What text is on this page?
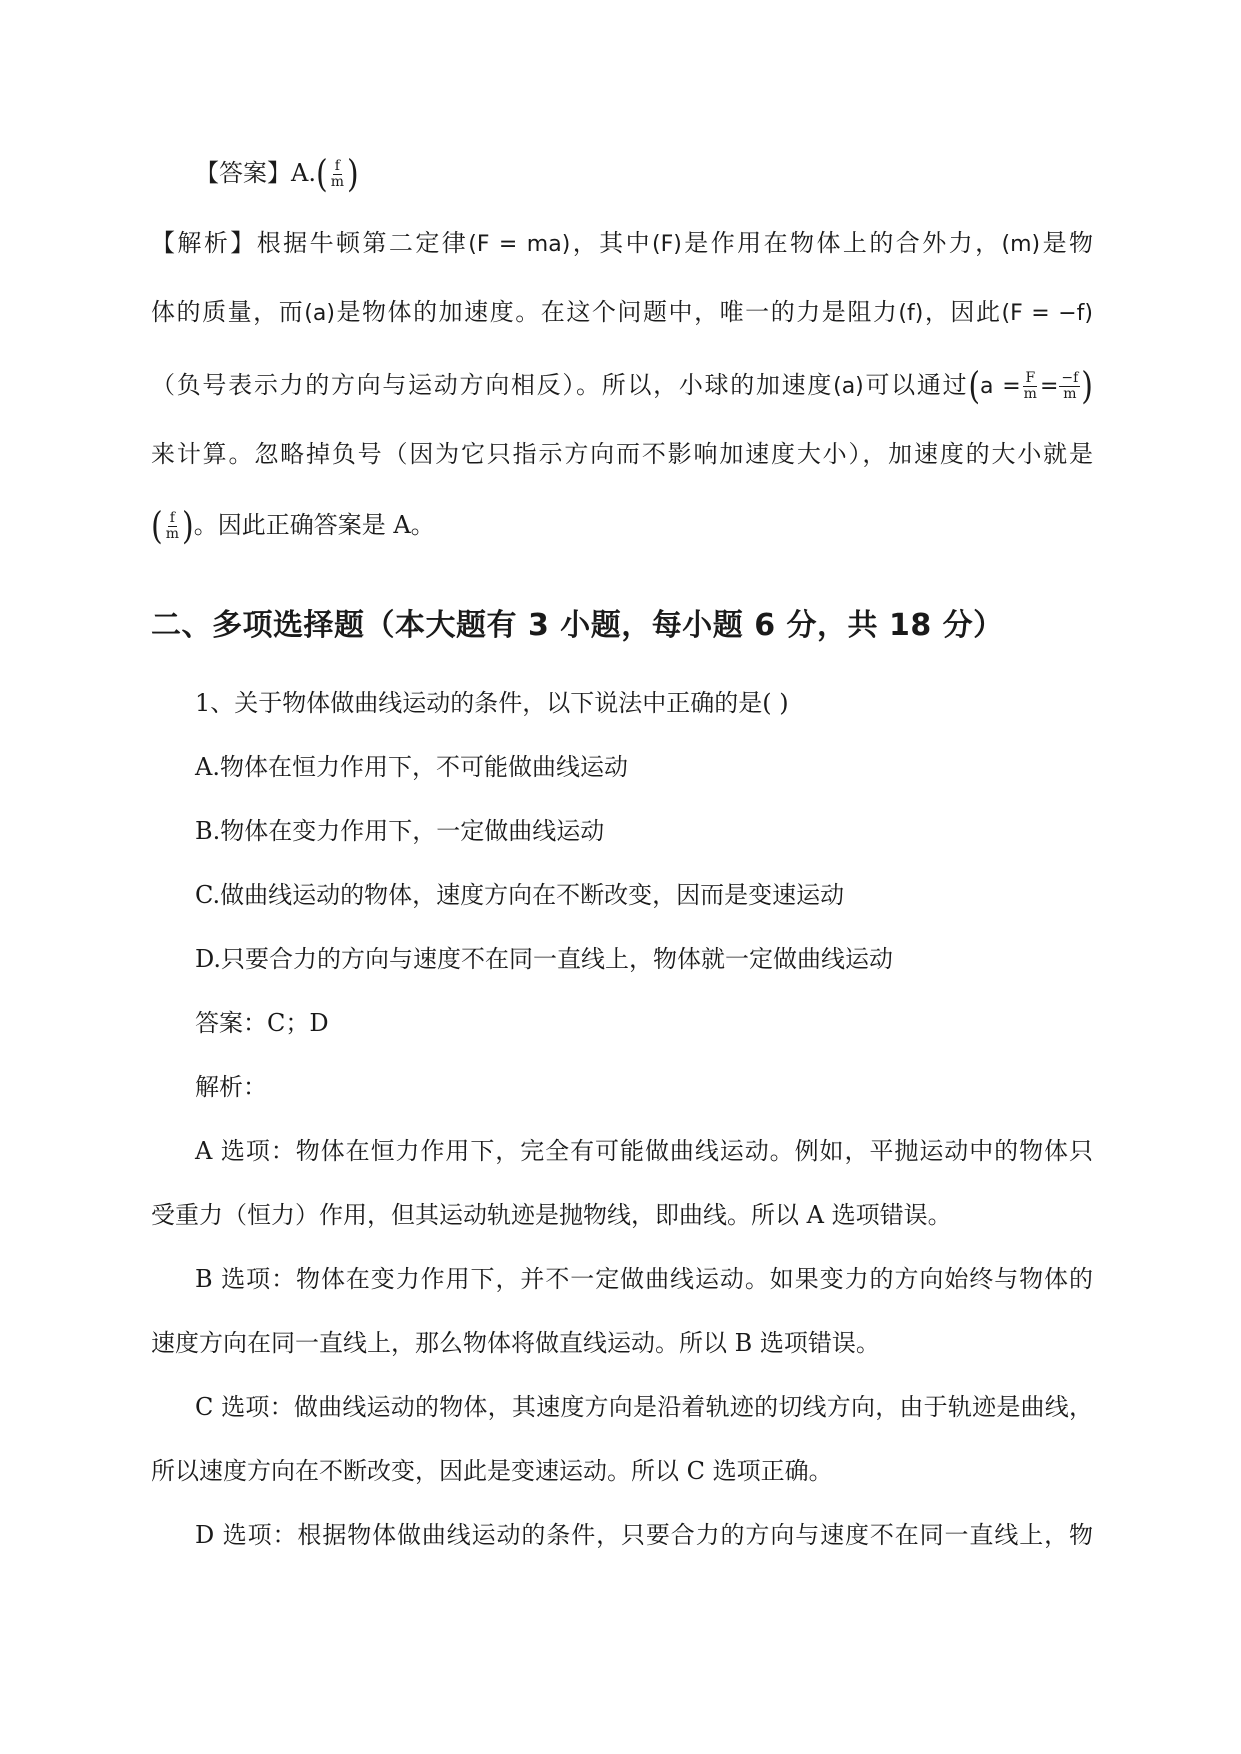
【答案】$A.( \frac{f}{m}$ )
【解析】根据牛顿第二定律(F = ma)，其中(F)是作用在物体上的合外力，(m)是物
体的质量，而(a)是物体的加速度。在这个问题中，唯一的力是阻力(f)，因此(F = −f)
（负号表示力的方向与运动方向相反）。所以，小球的加速度(a)可以通过($a = \frac{F}{m} = \frac{-f}{m}$ )
来计算。忽略掉负号（因为它只指示方向而不影响加速度大小），加速度的大小就是
( $\frac{f}{m}$ )。因此正确答案是 A。
二、多项选择题（本大题有 3 小题，每小题 6 分，共 18 分）
1、关于物体做曲线运动的条件，以下说法中正确的是( )
A.物体在恒力作用下，不可能做曲线运动
B.物体在变力作用下，一定做曲线运动
C.做曲线运动的物体，速度方向在不断改变，因而是变速运动
D.只要合力的方向与速度不在同一直线上，物体就一定做曲线运动
答案：C；D
解析：
A 选项：物体在恒力作用下，完全有可能做曲线运动。例如，平抛运动中的物体只
受重力（恒力）作用，但其运动轨迹是抛物线，即曲线。所以 A 选项错误。
B 选项：物体在变力作用下，并不一定做曲线运动。如果变力的方向始终与物体的
速度方向在同一直线上，那么物体将做直线运动。所以 B 选项错误。
C 选项：做曲线运动的物体，其速度方向是沿着轨迹的切线方向，由于轨迹是曲线，
所以速度方向在不断改变，因此是变速运动。所以 C 选项正确。
D 选项：根据物体做曲线运动的条件，只要合力的方向与速度不在同一直线上，物
